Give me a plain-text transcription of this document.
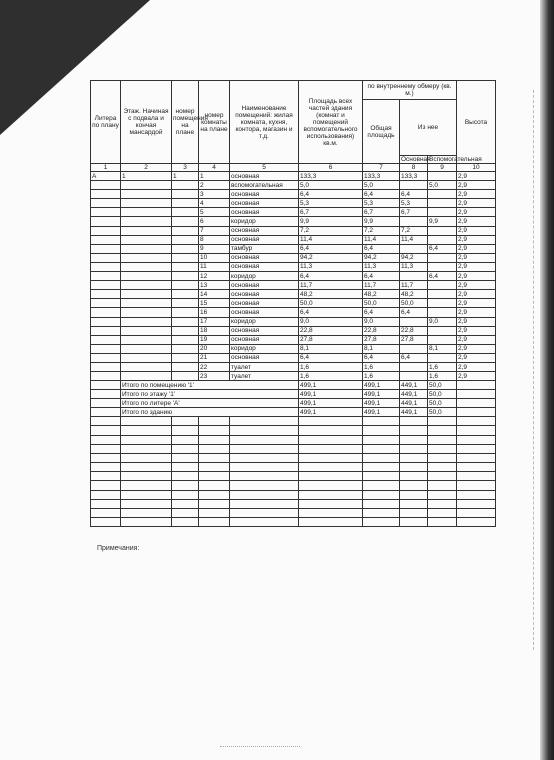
Литера по плану	Этаж. Начиная с подвала и кончая мансардой	номер помещения на плане	номер комнаты на плане	Наименование помещений: жилая комната, кухня, контора, магазин и т.д.	Площадь всех частей здания (комнат и помещений вспомогательного использования) кв.м.	по внутреннему обмеру (кв. м.)			Высота
						Общая площадь	Из нее		
							Основная	Вспомогательная	
1	2	3	4	5	6	7	8	9	10
А	1	1	1	основная	133,3	133,3	133,3		2,9
			2	вспомогательная	5,0	5,0		5,0	2,9
			3	основная	6,4	6,4	6,4		2,9
			4	основная	5,3	5,3	5,3		2,9
			5	основная	6,7	6,7	6,7		2,9
			6	коридор	9,9	9,9		9,9	2,9
			7	основная	7,2	7,2	7,2		2,9
			8	основная	11,4	11,4	11,4		2,9
			9	тамбур	6,4	6,4		6,4	2,9
			10	основная	94,2	94,2	94,2		2,9
			11	основная	11,3	11,3	11,3		2,9
			12	коридор	6,4	6,4		6,4	2,9
			13	основная	11,7	11,7	11,7		2,9
			14	основная	48,2	48,2	48,2		2,9
			15	основная	50,0	50,0	50,0		2,9
			16	основная	6,4	6,4	6,4		2,9
			17	коридор	9,0	9,0		9,0	2,9
			18	основная	22,8	22,8	22,8		2,9
			19	основная	27,8	27,8	27,8		2,9
			20	коридор	8,1	8,1		8,1	2,9
			21	основная	6,4	6,4	6,4		2,9
			22	туалет	1,6	1,6		1,6	2,9
			23	туалет	1,6	1,6		1,6	2,9
	Итого по помещению '1'				499,1	499,1	449,1	50,0	
	Итого по этажу '1'				499,1	499,1	449,1	50,0	
	Итого по литере 'А'				499,1	499,1	449,1	50,0	
	Итого по зданию				499,1	499,1	449,1	50,0	

Примечания:
